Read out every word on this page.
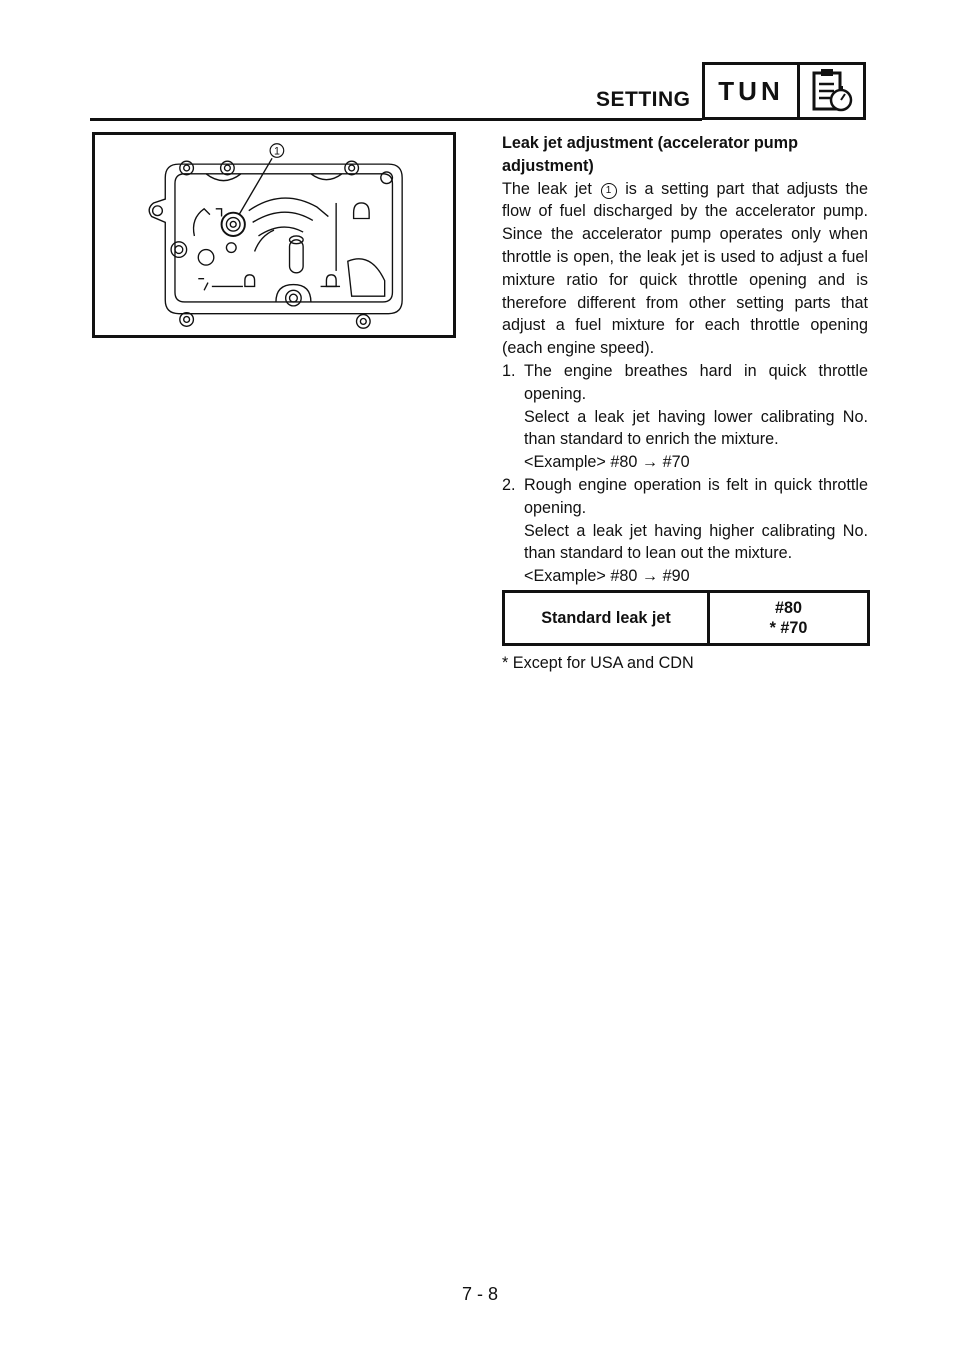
SETTING	TUN
1	Leak jet adjustment (accelerator pump
adjustment)

The leak jet 1 is a setting part that adjusts the flow of fuel discharged by the accelerator pump. Since the accelerator pump operates only when throttle is open, the leak jet is used to adjust a fuel mixture ratio for quick throttle opening and is therefore different from other setting parts that adjust a fuel mixture for each throttle opening (each engine speed).

1. The engine breathes hard in quick throttle opening.
Select a leak jet having lower calibrating No. than standard to enrich the mixture.
<Example> #80 → #70
2. Rough engine operation is felt in quick throttle opening.
Select a leak jet having higher calibrating No. than standard to lean out the mixture.
<Example> #80 → #90
Standard leak jet
#80
* #70
* Except for USA and CDN
7 - 8
